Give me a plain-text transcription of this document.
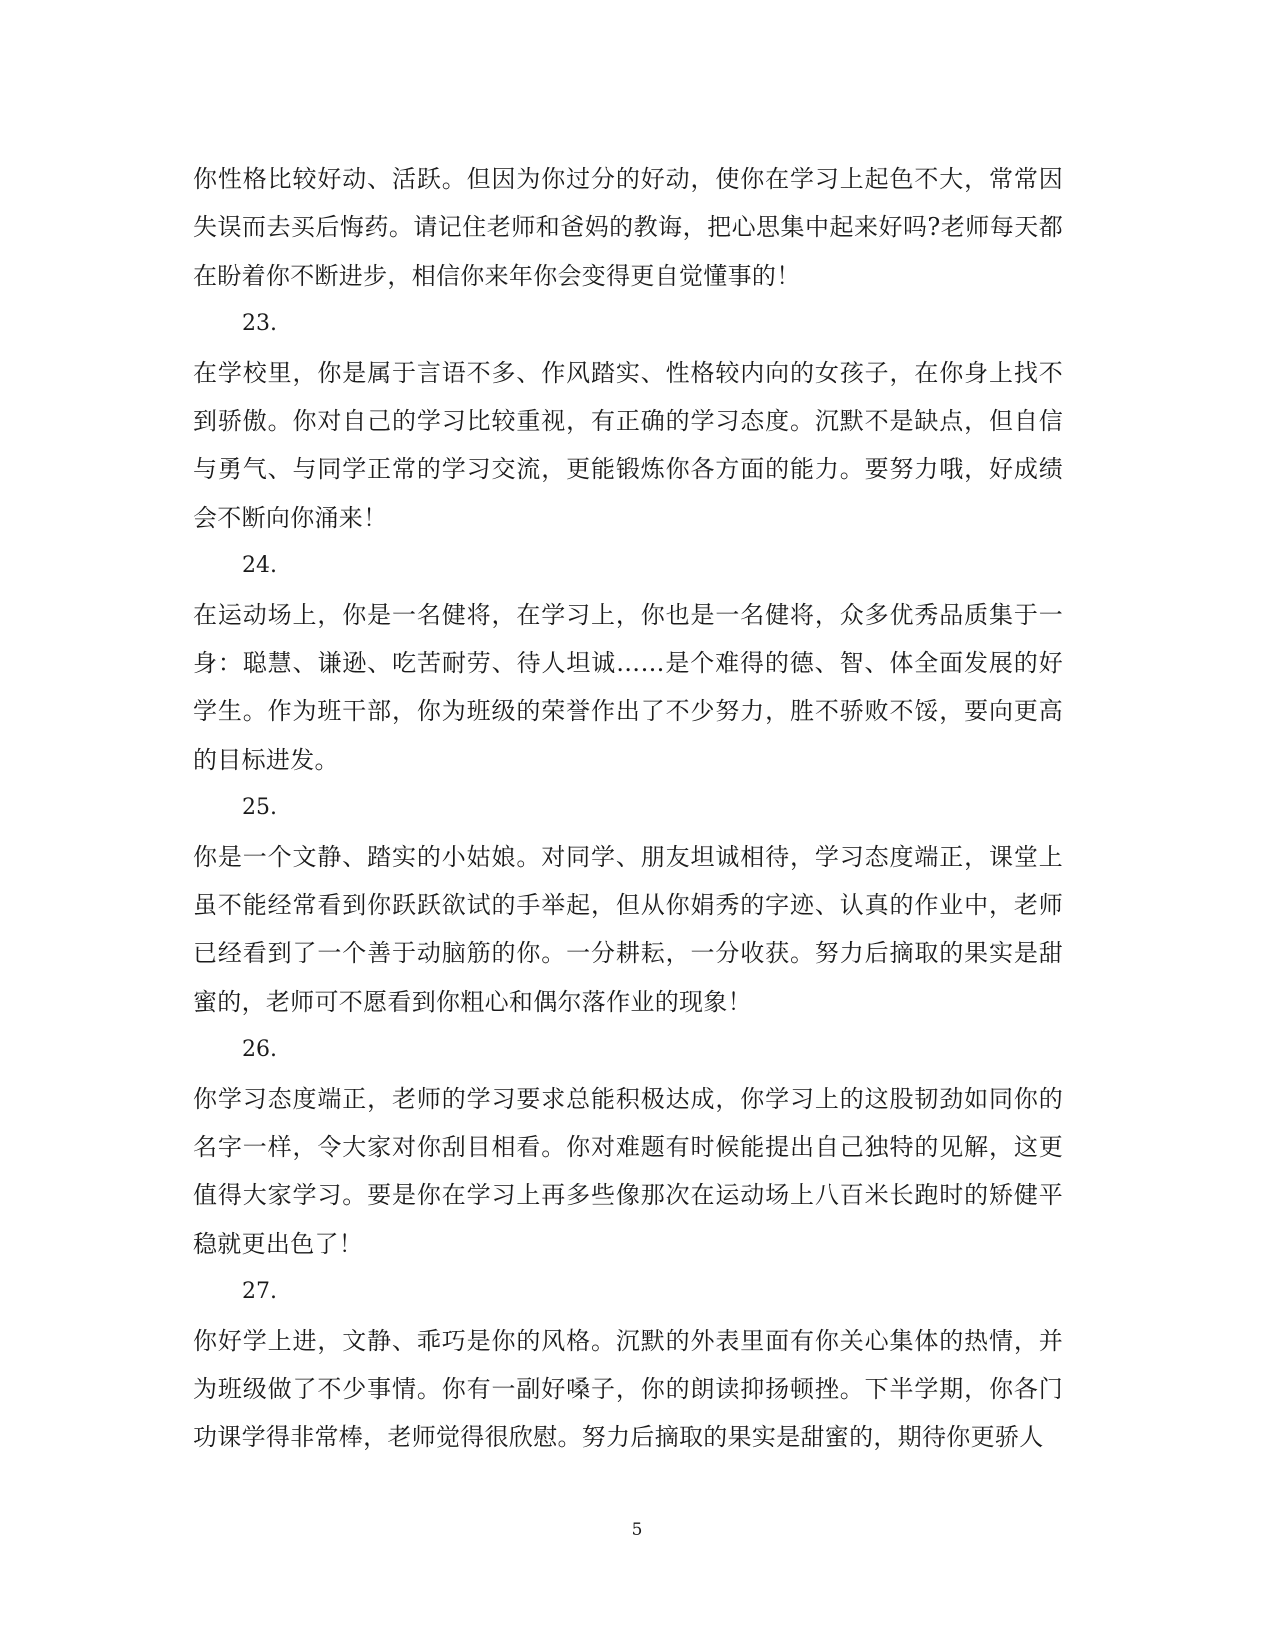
你性格比较好动、活跃。但因为你过分的好动，使你在学习上起色不大，常常因失误而去买后悔药。请记住老师和爸妈的教诲，把心思集中起来好吗?老师每天都在盼着你不断进步，相信你来年你会变得更自觉懂事的！
23.
在学校里，你是属于言语不多、作风踏实、性格较内向的女孩子，在你身上找不到骄傲。你对自己的学习比较重视，有正确的学习态度。沉默不是缺点，但自信与勇气、与同学正常的学习交流，更能锻炼你各方面的能力。要努力哦，好成绩会不断向你涌来！
24.
在运动场上，你是一名健将，在学习上，你也是一名健将，众多优秀品质集于一身：聪慧、谦逊、吃苦耐劳、待人坦诚……是个难得的德、智、体全面发展的好学生。作为班干部，你为班级的荣誉作出了不少努力，胜不骄败不馁，要向更高的目标进发。
25.
你是一个文静、踏实的小姑娘。对同学、朋友坦诚相待，学习态度端正，课堂上虽不能经常看到你跃跃欲试的手举起，但从你娟秀的字迹、认真的作业中，老师已经看到了一个善于动脑筋的你。一分耕耘，一分收获。努力后摘取的果实是甜蜜的，老师可不愿看到你粗心和偶尔落作业的现象！
26.
你学习态度端正，老师的学习要求总能积极达成，你学习上的这股韧劲如同你的名字一样，令大家对你刮目相看。你对难题有时候能提出自己独特的见解，这更值得大家学习。要是你在学习上再多些像那次在运动场上八百米长跑时的矫健平稳就更出色了！
27.
你好学上进，文静、乖巧是你的风格。沉默的外表里面有你关心集体的热情，并为班级做了不少事情。你有一副好嗓子，你的朗读抑扬顿挫。下半学期，你各门功课学得非常棒，老师觉得很欣慰。努力后摘取的果实是甜蜜的，期待你更骄人
5
